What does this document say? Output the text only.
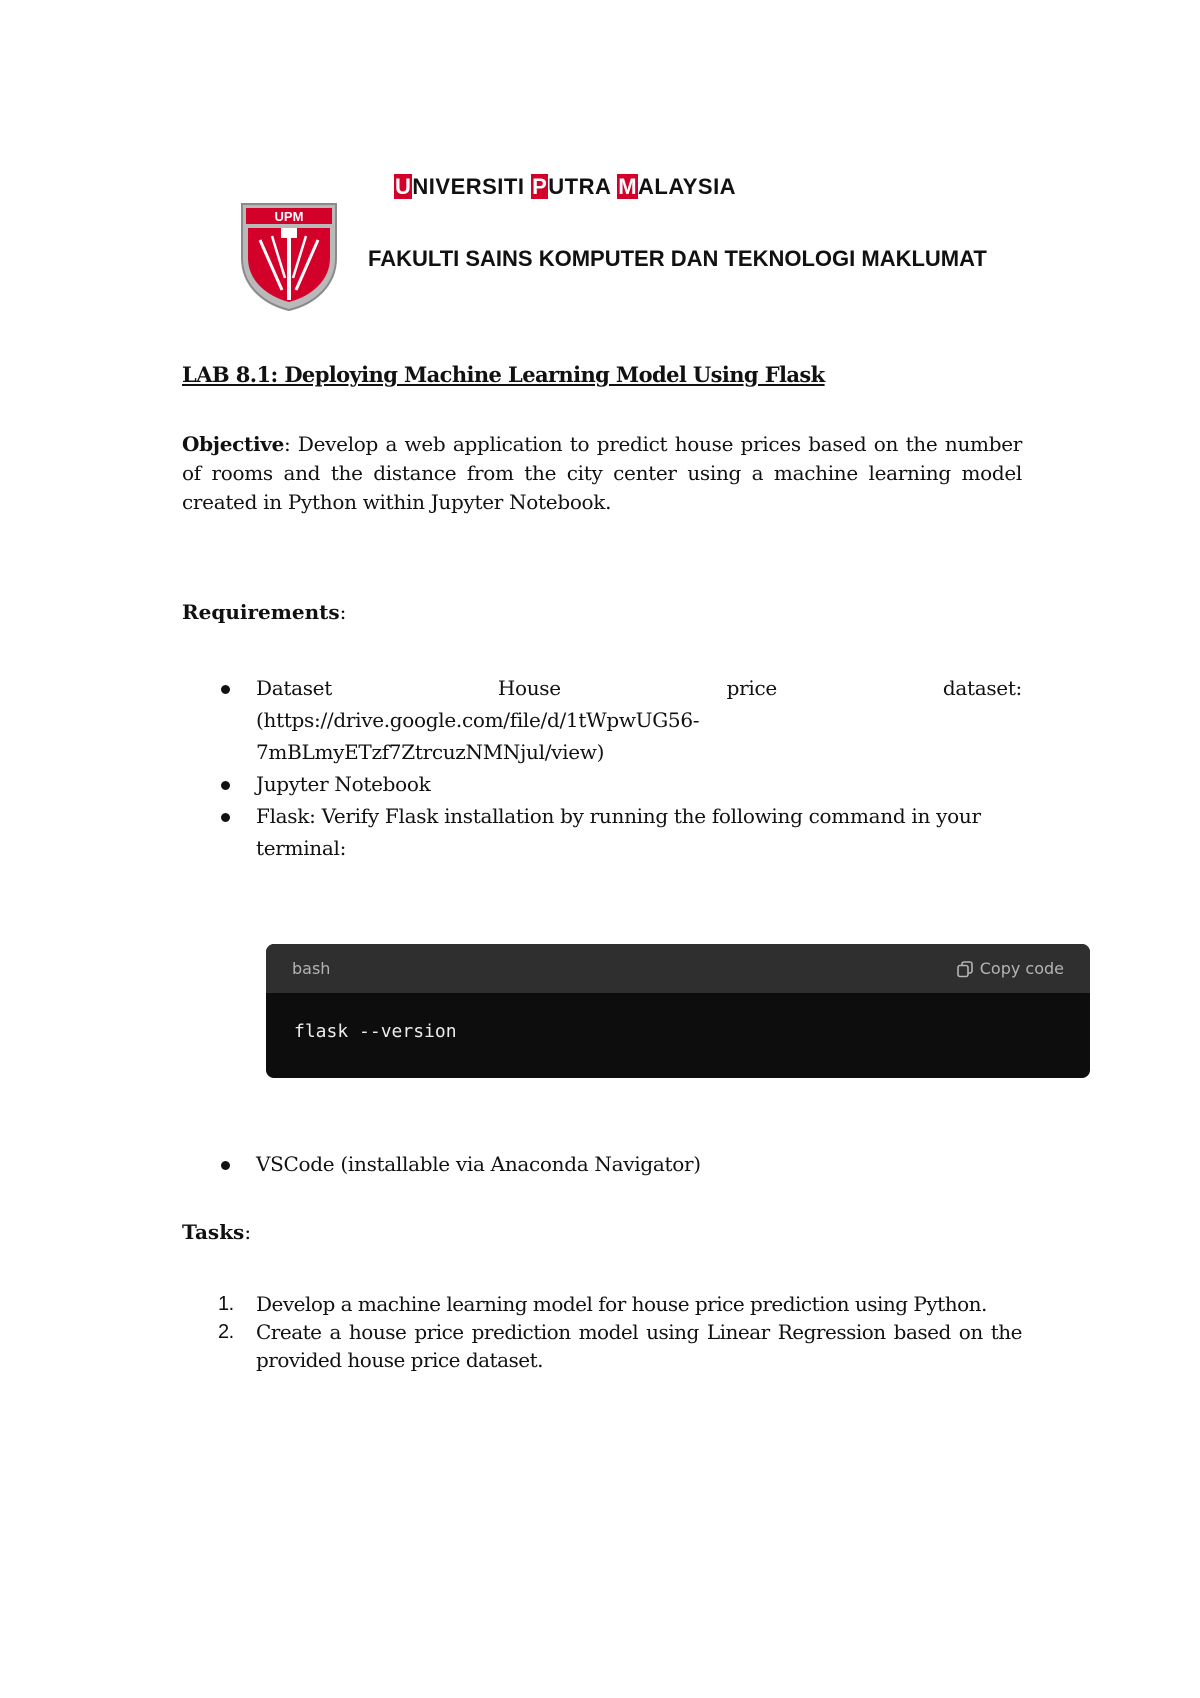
UPM
UNIVERSITI PUTRA MALAYSIA
FAKULTI SAINS KOMPUTER DAN TEKNOLOGI MAKLUMAT
LAB 8.1: Deploying Machine Learning Model Using Flask
Objective: Develop a web application to predict house prices based on the number of rooms and the distance from the city center using a machine learning model created in Python within Jupyter Notebook.
Requirements:
Dataset	House	price	dataset:
(https://drive.google.com/file/d/1tWpwUG56-
7mBLmyETzf7ZtrcuzNMNjul/view)
Jupyter Notebook
Flask: Verify Flask installation by running the following command in your terminal:
bash	Copy code
flask --version
VSCode (installable via Anaconda Navigator)
Tasks:
1. Develop a machine learning model for house price prediction using Python.
2. Create a house price prediction model using Linear Regression based on the provided house price dataset.
